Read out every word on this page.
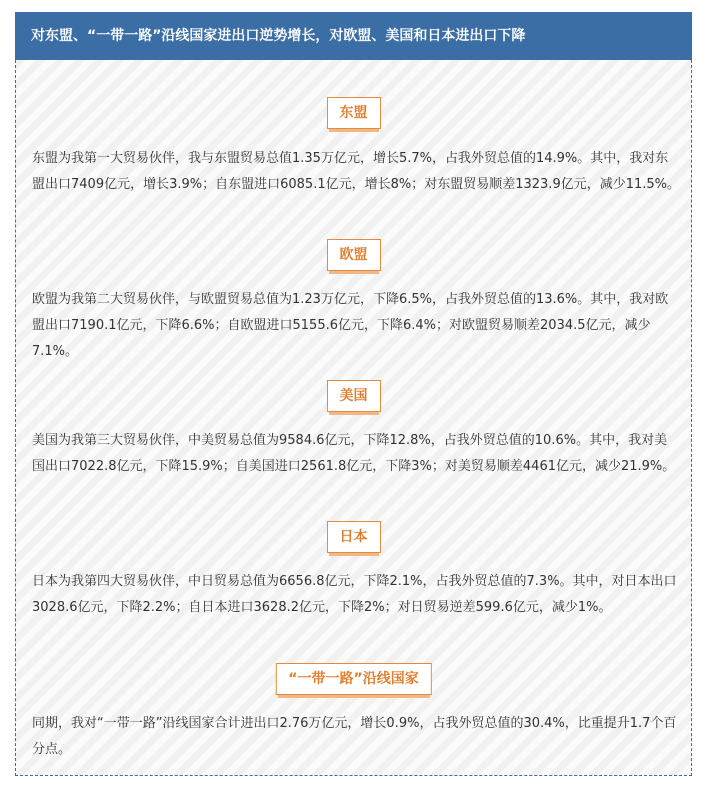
对东盟、“一带一路”沿线国家进出口逆势增长，对欧盟、美国和日本进出口下降
东盟
东盟为我第一大贸易伙伴，我与东盟贸易总值1.35万亿元，增长5.7%，占我外贸总值的14.9%。其中，我对东盟出口7409亿元，增长3.9%；自东盟进口6085.1亿元，增长8%；对东盟贸易顺差1323.9亿元，减少11.5%。
欧盟
欧盟为我第二大贸易伙伴，与欧盟贸易总值为1.23万亿元，下降6.5%，占我外贸总值的13.6%。其中，我对欧盟出口7190.1亿元，下降6.6%；自欧盟进口5155.6亿元，下降6.4%；对欧盟贸易顺差2034.5亿元，减少7.1%。
美国
美国为我第三大贸易伙伴，中美贸易总值为9584.6亿元，下降12.8%，占我外贸总值的10.6%。其中，我对美国出口7022.8亿元，下降15.9%；自美国进口2561.8亿元，下降3%；对美贸易顺差4461亿元，减少21.9%。
日本
日本为我第四大贸易伙伴，中日贸易总值为6656.8亿元，下降2.1%，占我外贸总值的7.3%。其中，对日本出口3028.6亿元，下降2.2%；自日本进口3628.2亿元，下降2%；对日贸易逆差599.6亿元，减少1%。
“一带一路”沿线国家
同期，我对“一带一路”沿线国家合计进出口2.76万亿元，增长0.9%，占我外贸总值的30.4%，比重提升1.7个百分点。
